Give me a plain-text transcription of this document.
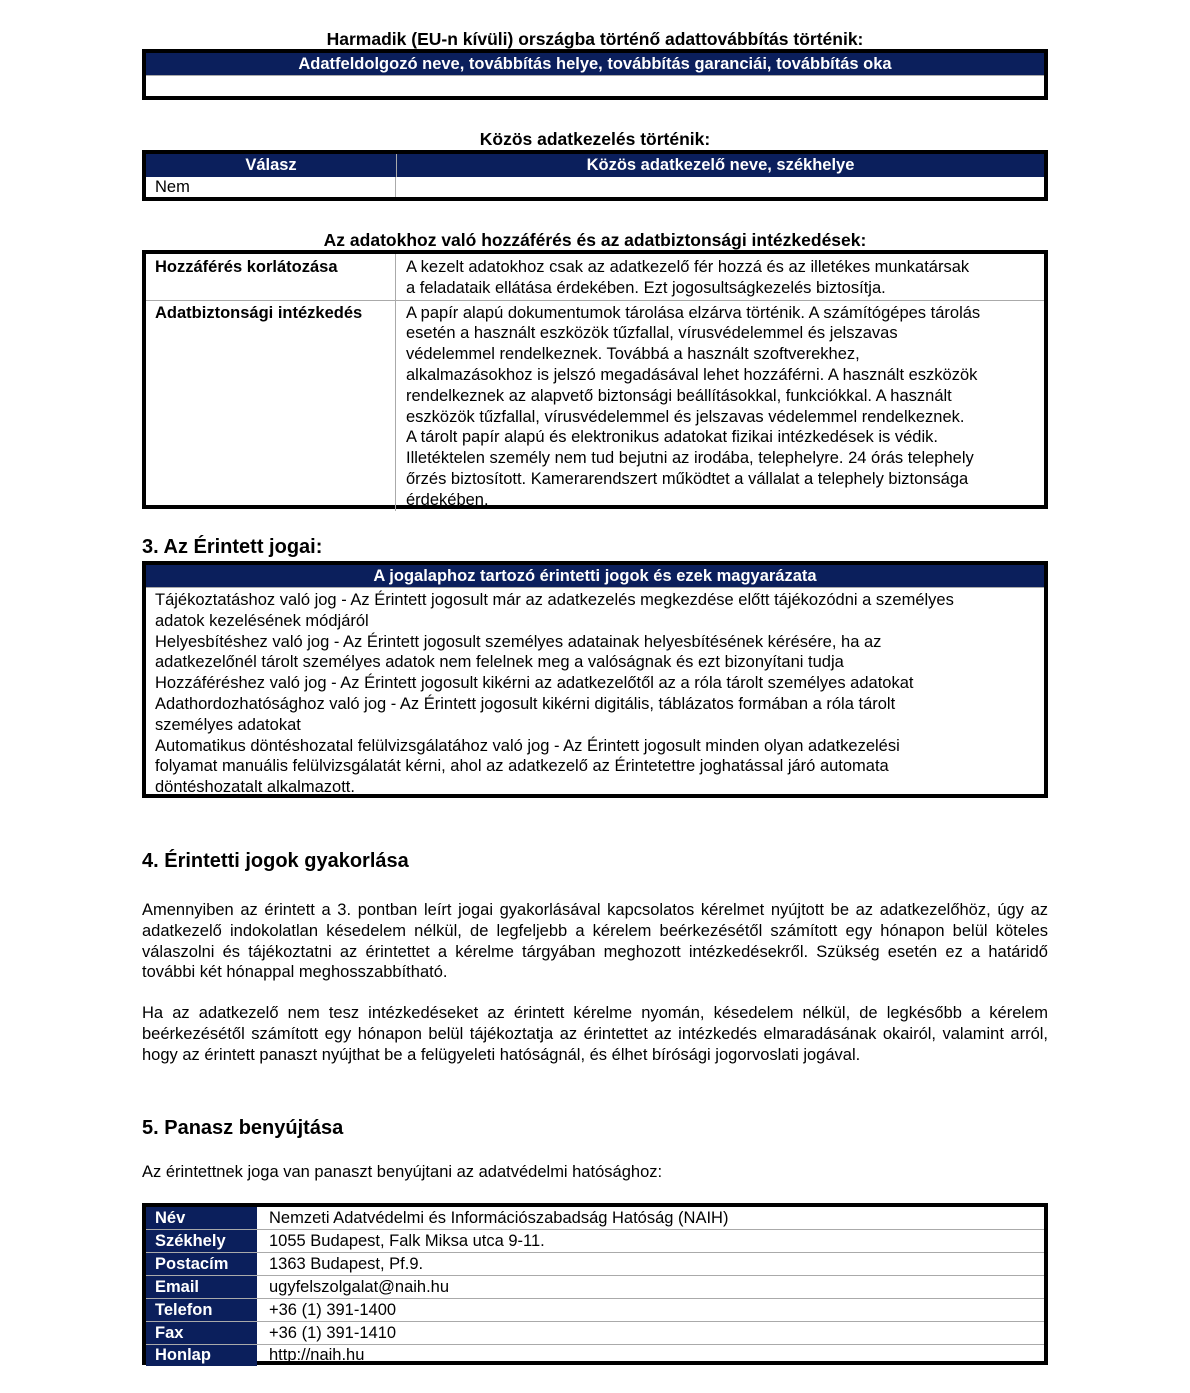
Harmadik (EU-n kívüli) országba történő adattovábbítás történik:
Adatfeldolgozó neve, továbbítás helye, továbbítás garanciái, továbbítás oka
Közös adatkezelés történik:
Válasz	Közös adatkezelő neve, székhelye
Nem
Az adatokhoz való hozzáférés és az adatbiztonsági intézkedések:
Hozzáférés korlátozása	A kezelt adatokhoz csak az adatkezelő fér hozzá és az illetékes munkatársak
a feladataik ellátása érdekében. Ezt jogosultságkezelés biztosítja.
Adatbiztonsági intézkedés	A papír alapú dokumentumok tárolása elzárva történik. A számítógépes tárolás
esetén a használt eszközök tűzfallal, vírusvédelemmel és jelszavas
védelemmel rendelkeznek. Továbbá a használt szoftverekhez,
alkalmazásokhoz is jelszó megadásával lehet hozzáférni. A használt eszközök
rendelkeznek az alapvető biztonsági beállításokkal, funkciókkal. A használt
eszközök tűzfallal, vírusvédelemmel és jelszavas védelemmel rendelkeznek.
A tárolt papír alapú és elektronikus adatokat fizikai intézkedések is védik.
Illetéktelen személy nem tud bejutni az irodába, telephelyre. 24 órás telephely
őrzés biztosított. Kamerarendszert működtet a vállalat a telephely biztonsága
érdekében.
3. Az Érintett jogai:
A jogalaphoz tartozó érintetti jogok és ezek magyarázata
Tájékoztatáshoz való jog - Az Érintett jogosult már az adatkezelés megkezdése előtt tájékozódni a személyes
adatok kezelésének módjáról
Helyesbítéshez való jog - Az Érintett jogosult személyes adatainak helyesbítésének kérésére, ha az
adatkezelőnél tárolt személyes adatok nem felelnek meg a valóságnak és ezt bizonyítani tudja
Hozzáféréshez való jog - Az Érintett jogosult kikérni az adatkezelőtől az a róla tárolt személyes adatokat
Adathordozhatósághoz való jog - Az Érintett jogosult kikérni digitális, táblázatos formában a róla tárolt
személyes adatokat
Automatikus döntéshozatal felülvizsgálatához való jog - Az Érintett jogosult minden olyan adatkezelési
folyamat manuális felülvizsgálatát kérni, ahol az adatkezelő az Érintetettre joghatással járó automata
döntéshozatalt alkalmazott.
4. Érintetti jogok gyakorlása
Amennyiben az érintett a 3. pontban leírt jogai gyakorlásával kapcsolatos kérelmet nyújtott be az adatkezelőhöz, úgy az adatkezelő indokolatlan késedelem nélkül, de legfeljebb a kérelem beérkezésétől számított egy hónapon belül köteles válaszolni és tájékoztatni az érintettet a kérelme tárgyában meghozott intézkedésekről. Szükség esetén ez a határidő további két hónappal meghosszabbítható.
Ha az adatkezelő nem tesz intézkedéseket az érintett kérelme nyomán, késedelem nélkül, de legkésőbb a kérelem beérkezésétől számított egy hónapon belül tájékoztatja az érintettet az intézkedés elmaradásának okairól, valamint arról, hogy az érintett panaszt nyújthat be a felügyeleti hatóságnál, és élhet bírósági jogorvoslati jogával.
5. Panasz benyújtása
Az érintettnek joga van panaszt benyújtani az adatvédelmi hatósághoz:
Név	Nemzeti Adatvédelmi és Információszabadság Hatóság (NAIH)
Székhely	1055 Budapest, Falk Miksa utca 9-11.
Postacím	1363 Budapest, Pf.9.
Email	ugyfelszolgalat@naih.hu
Telefon	+36 (1) 391-1400
Fax	+36 (1) 391-1410
Honlap	http://naih.hu
